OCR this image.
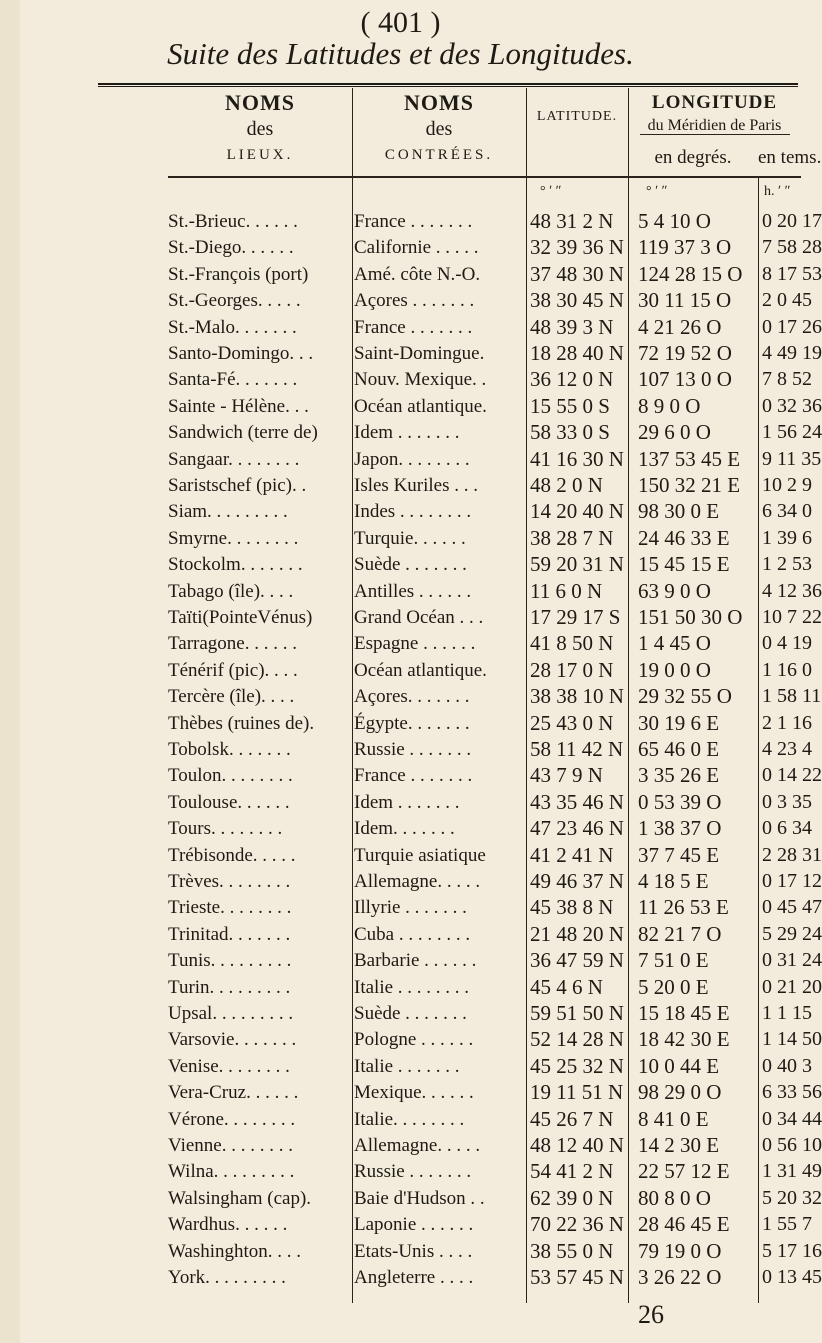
( 401 )
Suite des Latitudes et des Longitudes.
NOMS
des
LIEUX.
NOMS
des
CONTRÉES.
LATITUDE.
LONGITUDE
du Méridien de Paris
en degrés.	en tems.
° ʹ ʺ	° ʹ ʺ	h. ʹ ʺ
St.-Brieuc. . . . . .	France . . . . . . .	48 31 2 N	5 4 10 O	0 20 17
St.-Diego. . . . . .	Californie . . . . .	32 39 36 N 119 37 3 O	7 58 28
St.-François (port)	Amé. côte N.-O.	37 48 30 N 124 28 15 O 8 17 53
St.-Georges. . . . .	Açores . . . . . . .	38 30 45 N 30 11 15 O	2 0 45
St.-Malo. . . . . . .	France . . . . . . .	48 39 3 N	4 21 26 O	0 17 26
Santo-Domingo. . .	Saint-Domingue.	18 28 40 N 72 19 52 O	4 49 19
Santa-Fé. . . . . . .	Nouv. Mexique. .	36 12 0 N	107 13 0 O	7 8 52
Sainte - Hélène. . .	Océan atlantique.	15 55 0 S	8 9 0 O	0 32 36
Sandwich (terre de)	Idem . . . . . . .	58 33 0 S	29 6 0 O	1 56 24
Sangaar. . . . . . . .	Japon. . . . . . . .	41 16 30 N 137 53 45 E	9 11 35
Saristschef (pic). .	Isles Kuriles . . .	48 2 0 N	150 32 21 E	10 2 9
Siam. . . . . . . . .	Indes . . . . . . . .	14 20 40 N 98 30 0 E	6 34 0
Smyrne. . . . . . . .	Turquie. . . . . .	38 28 7 N	24 46 33 E	1 39 6
Stockolm. . . . . . .	Suède . . . . . . .	59 20 31 N 15 45 15 E	1 2 53
Tabago (île). . . .	Antilles . . . . . .	11 6 0 N	63 9 0 O	4 12 36
Taïti(PointeVénus)	Grand Océan . . .	17 29 17 S 151 50 30 O 10 7 22
Tarragone. . . . . .	Espagne . . . . . .	41 8 50 N	1 4 45 O	0 4 19
Ténérif (pic). . . .	Océan atlantique.	28 17 0 N	19 0 0 O	1 16 0
Tercère (île). . . .	Açores. . . . . . .	38 38 10 N 29 32 55 O	1 58 11
Thèbes (ruines de).	Égypte. . . . . . .	25 43 0 N	30 19 6 E	2 1 16
Tobolsk. . . . . . .	Russie . . . . . . .	58 11 42 N 65 46 0 E	4 23 4
Toulon. . . . . . . .	France . . . . . . .	43 7 9 N	3 35 26 E	0 14 22
Toulouse. . . . . .	Idem . . . . . . .	43 35 46 N 0 53 39 O	0 3 35
Tours. . . . . . . .	Idem. . . . . . .	47 23 46 N 1 38 37 O	0 6 34
Trébisonde. . . . .	Turquie asiatique	41 2 41 N	37 7 45 E	2 28 31
Trèves. . . . . . . .	Allemagne. . . . .	49 46 37 N 4 18 5 E	0 17 12
Trieste. . . . . . . .	Illyrie . . . . . . .	45 38 8 N	11 26 53 E	0 45 47
Trinitad. . . . . . .	Cuba . . . . . . . .	21 48 20 N 82 21 7 O	5 29 24
Tunis. . . . . . . . .	Barbarie . . . . . .	36 47 59 N 7 51 0 E	0 31 24
Turin. . . . . . . . .	Italie . . . . . . . .	45 4 6 N	5 20 0 E	0 21 20
Upsal. . . . . . . . .	Suède . . . . . . .	59 51 50 N 15 18 45 E	1 1 15
Varsovie. . . . . . .	Pologne . . . . . .	52 14 28 N 18 42 30 E	1 14 50
Venise. . . . . . . .	Italie . . . . . . .	45 25 32 N 10 0 44 E	0 40 3
Vera-Cruz. . . . . .	Mexique. . . . . .	19 11 51 N 98 29 0 O	6 33 56
Vérone. . . . . . . .	Italie. . . . . . . .	45 26 7 N	8 41 0 E	0 34 44
Vienne. . . . . . . .	Allemagne. . . . .	48 12 40 N 14 2 30 E	0 56 10
Wilna. . . . . . . . .	Russie . . . . . . .	54 41 2 N	22 57 12 E	1 31 49
Walsingham (cap).	Baie d'Hudson . .	62 39 0 N	80 8 0 O	5 20 32
Wardhus. . . . . .	Laponie . . . . . .	70 22 36 N 28 46 45 E	1 55 7
Washinghton. . . .	Etats-Unis . . . .	38 55 0 N	79 19 0 O	5 17 16
York. . . . . . . . .	Angleterre . . . .	53 57 45 N 3 26 22 O	0 13 45
26
